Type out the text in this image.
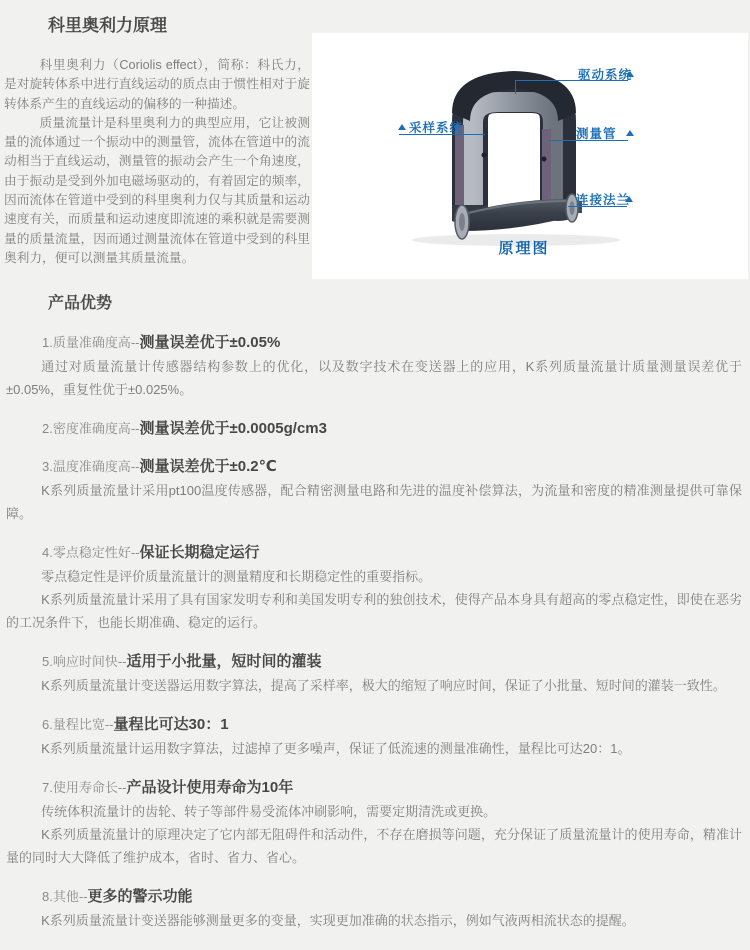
科里奥利力原理

科里奥利力（Coriolis effect），简称：科氏力，是对旋转体系中进行直线运动的质点由于惯性相对于旋转体系产生的直线运动的偏移的一种描述。

质量流量计是科里奥利力的典型应用，它让被测量的流体通过一个振动中的测量管，流体在管道中的流动相当于直线运动，测量管的振动会产生一个角速度，由于振动是受到外加电磁场驱动的，有着固定的频率，因而流体在管道中受到的科里奥利力仅与其质量和运动速度有关，而质量和运动速度即流速的乘积就是需要测量的质量流量，因而通过测量流体在管道中受到的科里奥利力，便可以测量其质量流量。

驱动系统
采样系统	测量管
连接法兰
原理图
产品优势

1.质量准确度高--测量误差优于±0.05%

通过对质量流量计传感器结构参数上的优化，以及数字技术在变送器上的应用，K系列质量流量计质量测量误差优于±0.05%，重复性优于±0.025%。

2.密度准确度高--测量误差优于±0.0005g/cm3

3.温度准确度高--测量误差优于±0.2℃

K系列质量流量计采用pt100温度传感器，配合精密测量电路和先进的温度补偿算法，为流量和密度的精准测量提供可靠保障。

4.零点稳定性好--保证长期稳定运行

零点稳定性是评价质量流量计的测量精度和长期稳定性的重要指标。

K系列质量流量计采用了具有国家发明专利和美国发明专利的独创技术，使得产品本身具有超高的零点稳定性，即使在恶劣的工况条件下，也能长期准确、稳定的运行。

5.响应时间快--适用于小批量，短时间的灌装

K系列质量流量计变送器运用数字算法，提高了采样率，极大的缩短了响应时间，保证了小批量、短时间的灌装一致性。

6.量程比宽--量程比可达30：1

K系列质量流量计运用数字算法，过滤掉了更多噪声，保证了低流速的测量准确性，量程比可达20：1。

7.使用寿命长--产品设计使用寿命为10年

传统体积流量计的齿轮、转子等部件易受流体冲刷影响，需要定期清洗或更换。

K系列质量流量计的原理决定了它内部无阻碍件和活动件，不存在磨损等问题，充分保证了质量流量计的使用寿命，精准计量的同时大大降低了维护成本，省时、省力、省心。

8.其他--更多的警示功能

K系列质量流量计变送器能够测量更多的变量，实现更加准确的状态指示，例如气液两相流状态的提醒。
